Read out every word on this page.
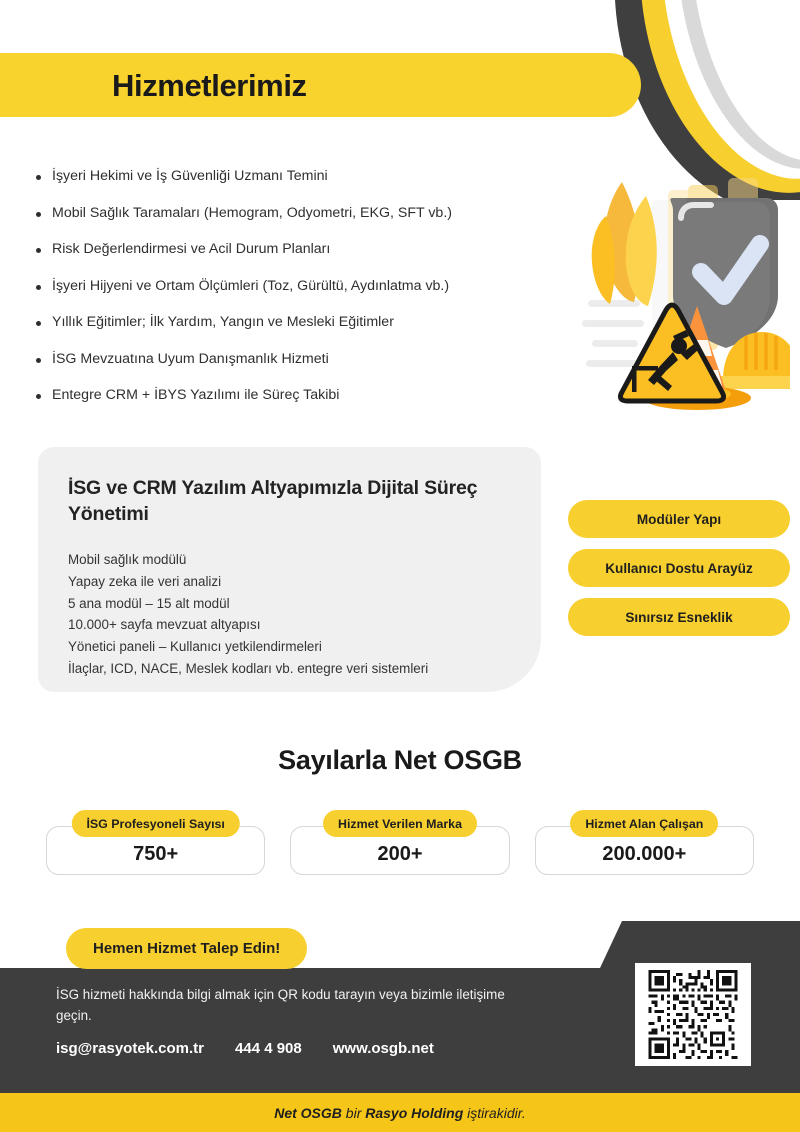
Hizmetlerimiz
İşyeri Hekimi ve İş Güvenliği Uzmanı Temini
Mobil Sağlık Taramaları (Hemogram, Odyometri, EKG, SFT vb.)
Risk Değerlendirmesi ve Acil Durum Planları
İşyeri Hijyeni ve Ortam Ölçümleri (Toz, Gürültü, Aydınlatma vb.)
Yıllık Eğitimler; İlk Yardım, Yangın ve Mesleki Eğitimler
İSG Mevzuatına Uyum Danışmanlık Hizmeti
Entegre CRM + İBYS Yazılımı ile Süreç Takibi
İSG ve CRM Yazılım Altyapımızla Dijital Süreç Yönetimi
Mobil sağlık modülü
Yapay zeka ile veri analizi
5 ana modül – 15 alt modül
10.000+ sayfa mevzuat altyapısı
Yönetici paneli – Kullanıcı yetkilendirmeleri
İlaçlar, ICD, NACE, Meslek kodları vb. entegre veri sistemleri
Modüler Yapı
Kullanıcı Dostu Arayüz
Sınırsız Esneklik
Sayılarla Net OSGB
İSG Profesyoneli Sayısı
750+
Hizmet Verilen Marka
200+
Hizmet Alan Çalışan
200.000+
Hemen Hizmet Talep Edin!

İSG hizmeti hakkında bilgi almak için QR kodu tarayın veya bizimle iletişime geçin.

isg@rasyotek.com.tr 444 4 908 www.osgb.net
Net OSGB bir Rasyo Holding iştirakidir.
